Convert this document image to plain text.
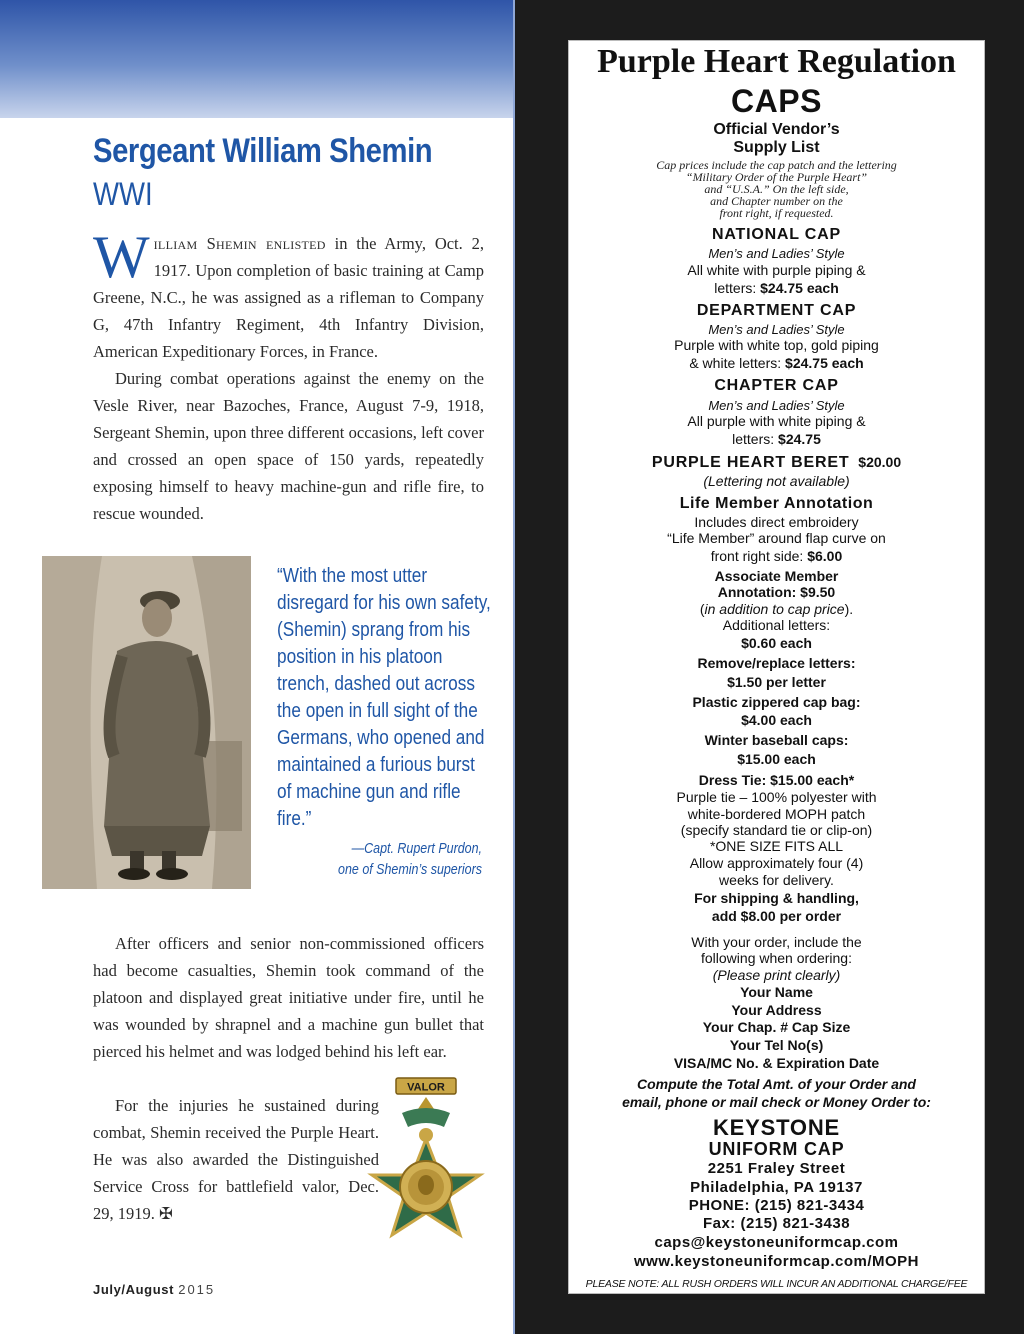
Sergeant William Shemin
WWI

William Shemin enlisted in the Army, Oct. 2, 1917. Upon completion of basic training at Camp Greene, N.C., he was assigned as a rifleman to Company G, 47th Infantry Regiment, 4th Infantry Division, American Expeditionary Forces, in France.

During combat operations against the enemy on the Vesle River, near Bazoches, France, August 7-9, 1918, Sergeant Shemin, upon three different occasions, left cover and crossed an open space of 150 yards, repeatedly exposing himself to heavy machine-gun and rifle fire, to rescue wounded.

“With the most utter disregard for his own safety, (Shemin) sprang from his position in his platoon trench, dashed out across the open in full sight of the Germans, who opened and maintained a furious burst of machine gun and rifle fire.”
—Capt. Rupert Purdon,
one of Shemin’s superiors

After officers and senior non-commissioned officers had become casualties, Shemin took command of the platoon and displayed great initiative under fire, until he was wounded by shrapnel and a machine gun bullet that pierced his helmet and was lodged behind his left ear.

For the injuries he sustained during combat, Shemin received the Purple Heart. He was also awarded the Distinguished Service Cross for battlefield valor, Dec. 29, 1919. ✠

VALOR
July/August 2015
Purple Heart Regulation
CAPS
Official Vendor’s
Supply List
Cap prices include the cap patch and the lettering
“Military Order of the Purple Heart”
and “U.S.A.” On the left side,
and Chapter number on the
front right, if requested.
NATIONAL CAP
Men’s and Ladies’ Style
All white with purple piping &
letters: $24.75 each
DEPARTMENT CAP
Men’s and Ladies’ Style
Purple with white top, gold piping
& white letters: $24.75 each
CHAPTER CAP
Men’s and Ladies’ Style
All purple with white piping &
letters: $24.75
PURPLE HEART BERET $20.00
(Lettering not available)
Life Member Annotation
Includes direct embroidery
“Life Member” around flap curve on
front right side: $6.00
Associate Member
Annotation: $9.50
(in addition to cap price).
Additional letters:
$0.60 each
Remove/replace letters:
$1.50 per letter
Plastic zippered cap bag:
$4.00 each
Winter baseball caps:
$15.00 each
Dress Tie: $15.00 each*
Purple tie – 100% polyester with
white-bordered MOPH patch
(specify standard tie or clip-on)
*ONE SIZE FITS ALL
Allow approximately four (4)
weeks for delivery.
For shipping & handling,
add $8.00 per order
With your order, include the
following when ordering:
(Please print clearly)
Your Name
Your Address
Your Chap. # Cap Size
Your Tel No(s)
VISA/MC No. & Expiration Date
Compute the Total Amt. of your Order and
email, phone or mail check or Money Order to:
KEYSTONE
UNIFORM CAP
2251 Fraley Street
Philadelphia, PA 19137
PHONE: (215) 821-3434
Fax: (215) 821-3438
caps@keystoneuniformcap.com
www.keystoneuniformcap.com/MOPH
PLEASE NOTE: ALL RUSH ORDERS WILL INCUR AN ADDITIONAL CHARGE/FEE
